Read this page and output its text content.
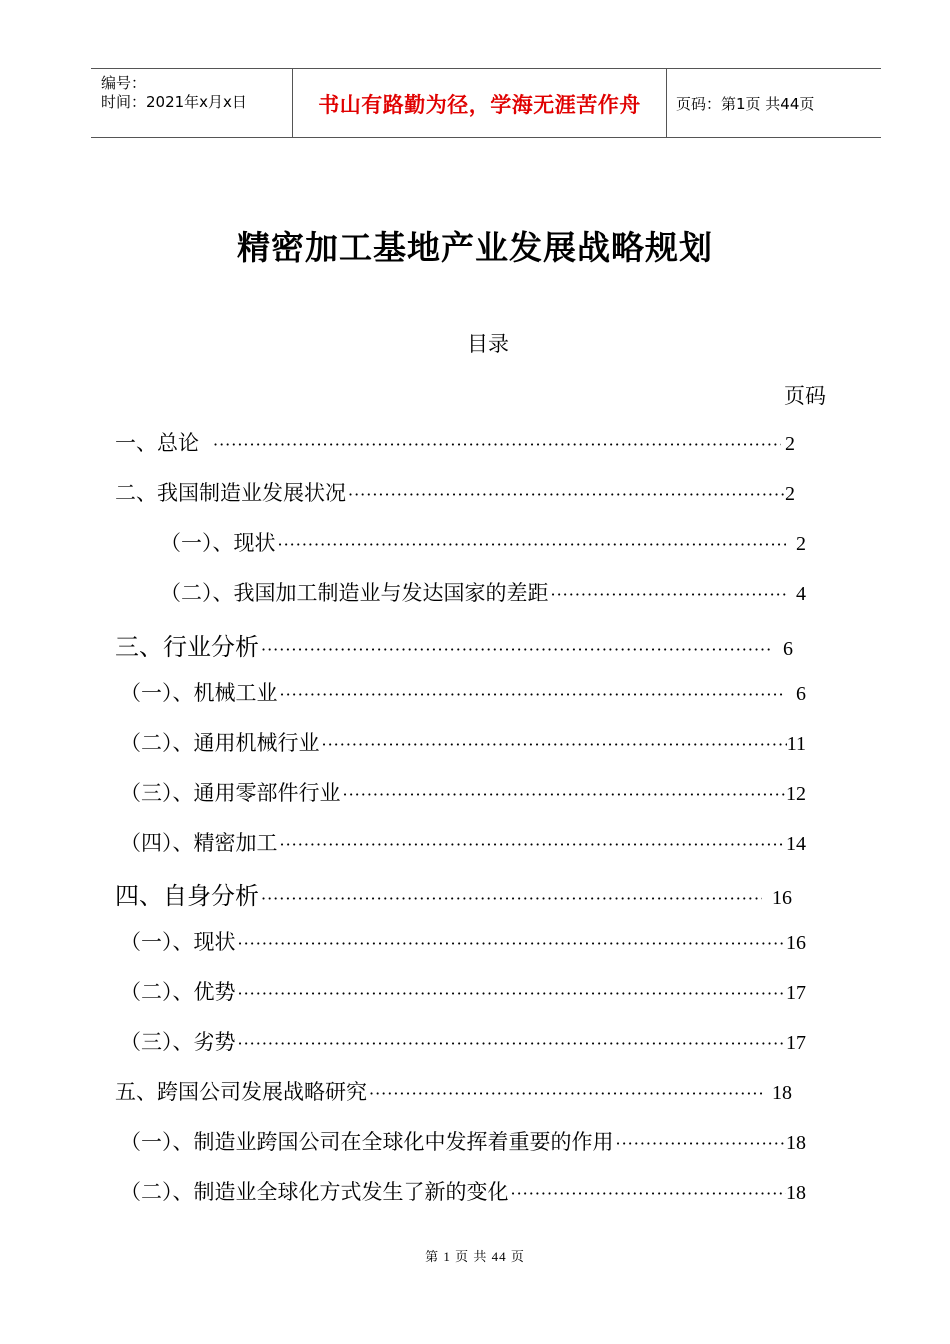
编号：
时间：2021年x月x日	书山有路勤为径，学海无涯苦作舟	页码：第1页 共44页
精密加工基地产业发展战略规划
目录
页码
一、总论 ·····	2
二、我国制造业发展状况 ·····	2
（一）、现状 ·····	2
（二）、我国加工制造业与发达国家的差距 ·····	4
三、行业分析 ·····	6
（一）、机械工业 ·····	6
（二）、通用机械行业 ·····	11
（三）、通用零部件行业 ·····	12
（四）、精密加工 ·····	14
四、自身分析 ·····	16
（一）、现状 ·····	16
（二）、优势 ·····	17
（三）、劣势 ·····	17
五、跨国公司发展战略研究 ·····	18
（一）、制造业跨国公司在全球化中发挥着重要的作用 ·····	18
（二）、制造业全球化方式发生了新的变化 ·····	18
第 1 页 共 44 页
